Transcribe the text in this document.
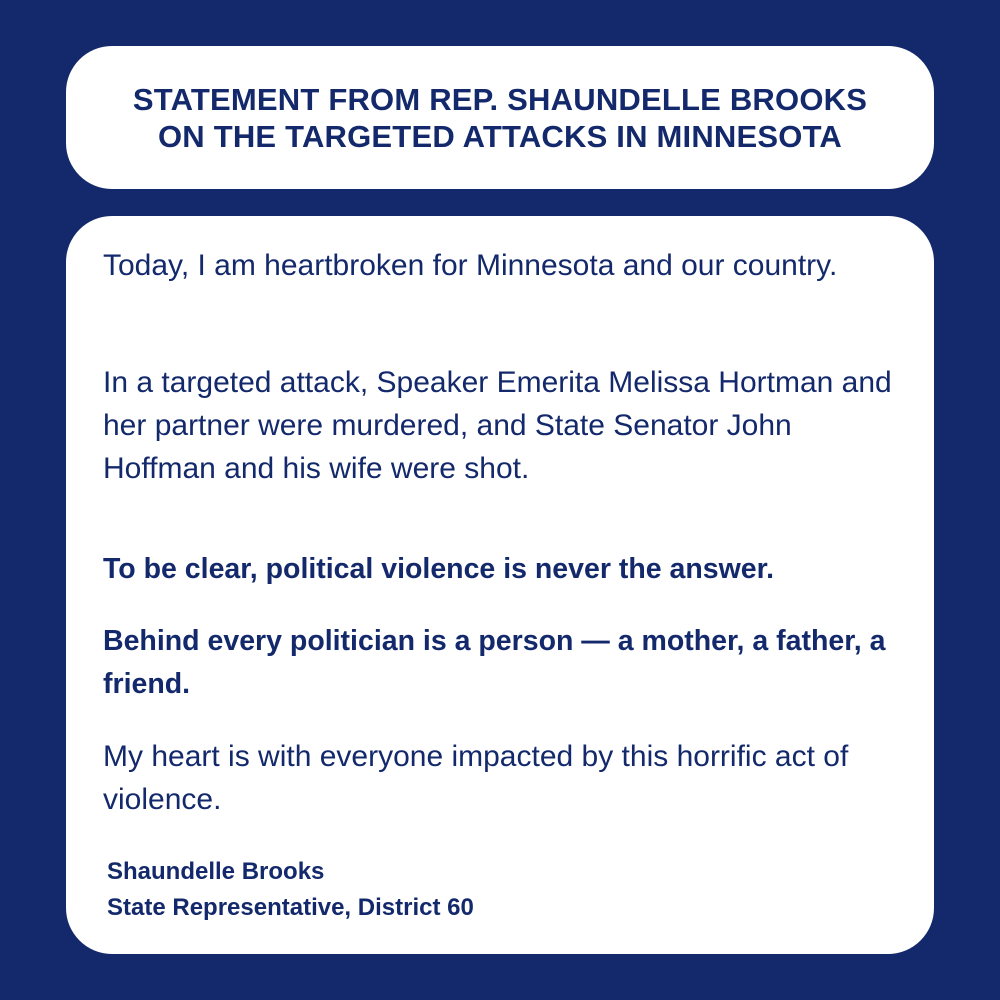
STATEMENT FROM REP. SHAUNDELLE BROOKS
ON THE TARGETED ATTACKS IN MINNESOTA

Today, I am heartbroken for Minnesota and our country.

In a targeted attack, Speaker Emerita Melissa Hortman and her partner were murdered, and State Senator John Hoffman and his wife were shot.

To be clear, political violence is never the answer.

Behind every politician is a person — a mother, a father, a friend.

My heart is with everyone impacted by this horrific act of violence.

Shaundelle Brooks

State Representative, District 60
